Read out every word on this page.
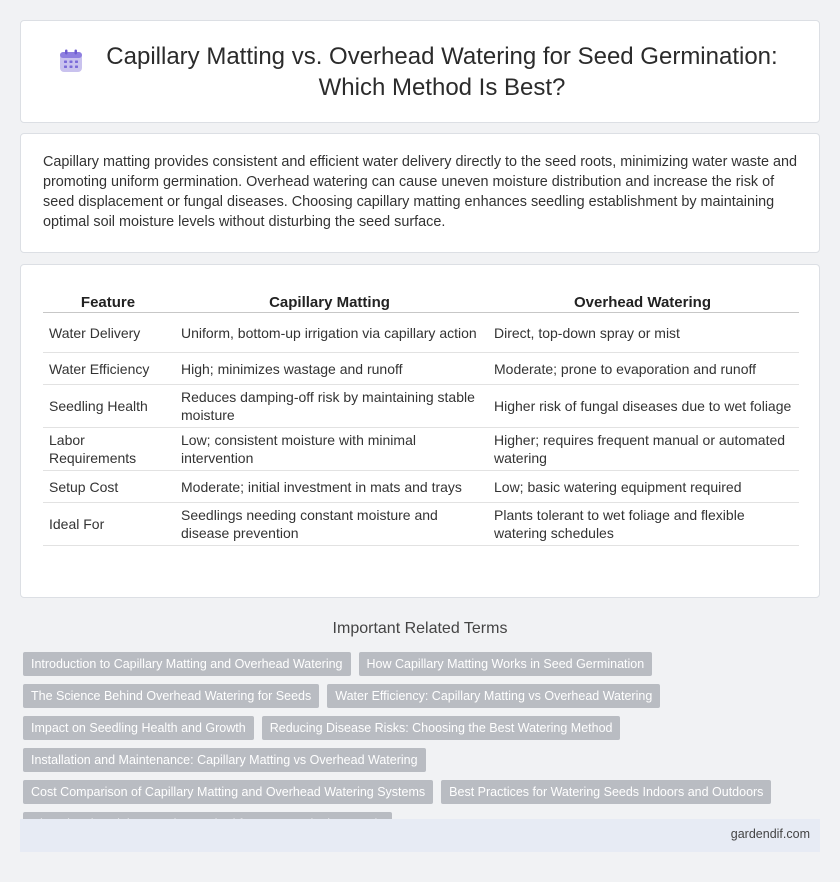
Capillary Matting vs. Overhead Watering for Seed Germination: Which Method Is Best?

Capillary matting provides consistent and efficient water delivery directly to the seed roots, minimizing water waste and promoting uniform germination. Overhead watering can cause uneven moisture distribution and increase the risk of seed displacement or fungal diseases. Choosing capillary matting enhances seedling establishment by maintaining optimal soil moisture levels without disturbing the seed surface.

Feature	Capillary Matting	Overhead Watering
Water Delivery	Uniform, bottom-up irrigation via capillary action	Direct, top-down spray or mist
Water Efficiency	High; minimizes wastage and runoff	Moderate; prone to evaporation and runoff
Seedling Health	Reduces damping-off risk by maintaining stable moisture	Higher risk of fungal diseases due to wet foliage
Labor Requirements	Low; consistent moisture with minimal intervention	Higher; requires frequent manual or automated watering
Setup Cost	Moderate; initial investment in mats and trays	Low; basic watering equipment required
Ideal For	Seedlings needing constant moisture and disease prevention	Plants tolerant to wet foliage and flexible watering schedules
Important Related Terms
Introduction to Capillary Matting and Overhead Watering	How Capillary Matting Works in Seed Germination
The Science Behind Overhead Watering for Seeds	Water Efficiency: Capillary Matting vs Overhead Watering
Impact on Seedling Health and Growth	Reducing Disease Risks: Choosing the Best Watering Method
Installation and Maintenance: Capillary Matting vs Overhead Watering
Cost Comparison of Capillary Matting and Overhead Watering Systems	Best Practices for Watering Seeds Indoors and Outdoors
gardendif.com
